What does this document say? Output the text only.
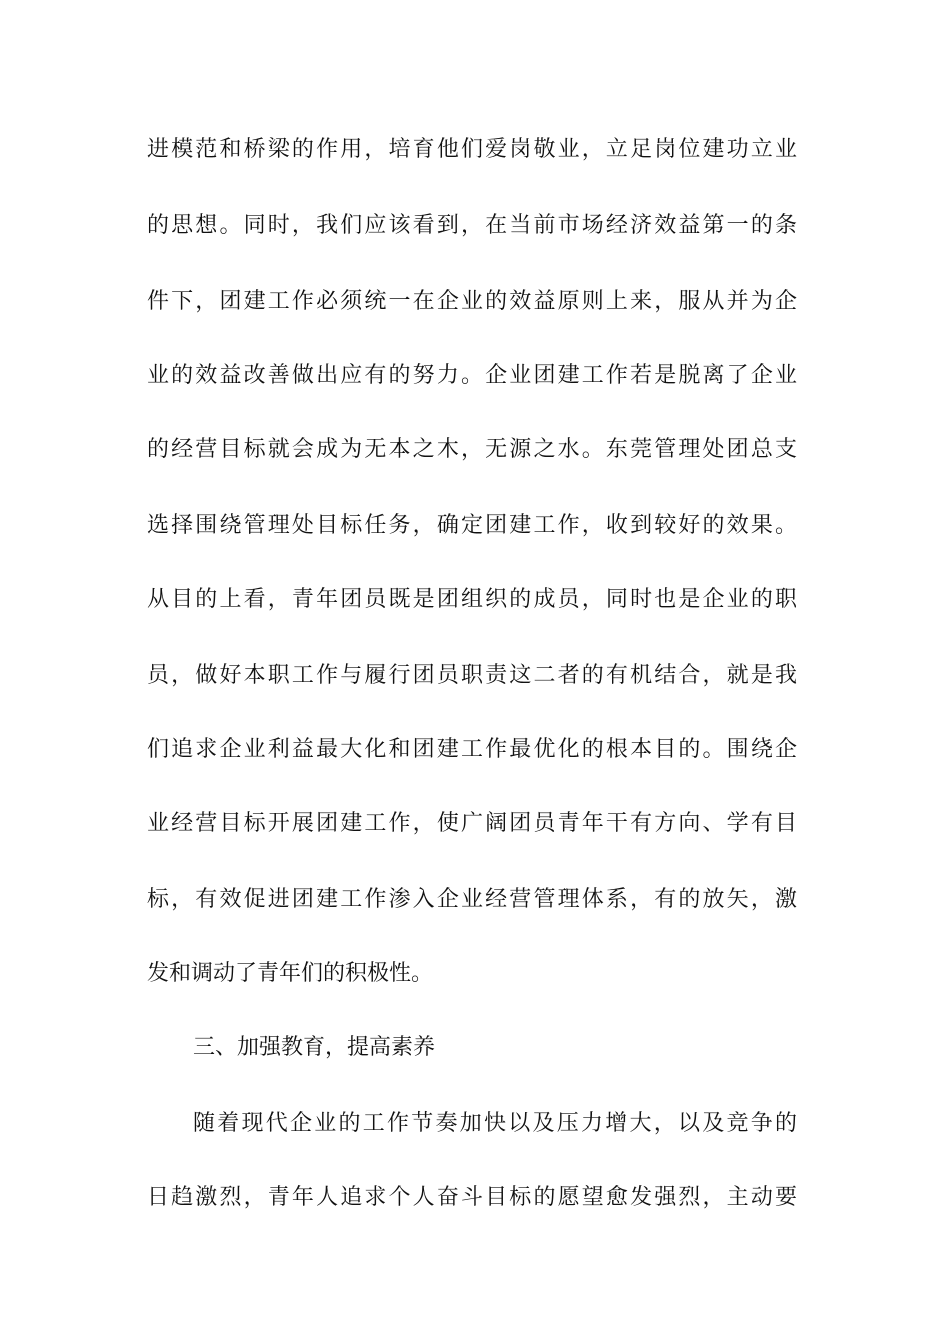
进模范和桥梁的作用，培育他们爱岗敬业，立足岗位建功立业
的思想。同时，我们应该看到，在当前市场经济效益第一的条
件下，团建工作必须统一在企业的效益原则上来，服从并为企
业的效益改善做出应有的努力。企业团建工作若是脱离了企业
的经营目标就会成为无本之木，无源之水。东莞管理处团总支
选择围绕管理处目标任务，确定团建工作，收到较好的效果。
从目的上看，青年团员既是团组织的成员，同时也是企业的职
员，做好本职工作与履行团员职责这二者的有机结合，就是我
们追求企业利益最大化和团建工作最优化的根本目的。围绕企
业经营目标开展团建工作，使广阔团员青年干有方向、学有目
标，有效促进团建工作渗入企业经营管理体系，有的放矢，激
发和调动了青年们的积极性。
三、加强教育，提高素养
随着现代企业的工作节奏加快以及压力增大，以及竞争的
日趋激烈，青年人追求个人奋斗目标的愿望愈发强烈，主动要
